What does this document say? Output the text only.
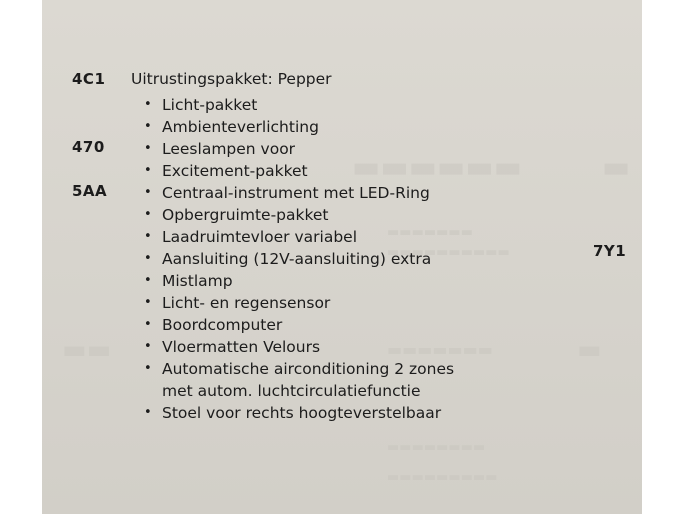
▬▬▬▬▬▬	▬
▬▬	▬
▬▬▬▬▬▬▬
▬▬▬▬▬▬▬▬▬▬
▬▬▬▬▬▬▬
▬▬▬▬▬▬▬▬
▬▬▬▬▬▬▬▬▬
4C1
470
5AA
7Y1
Uitrustingspakket: Pepper
• Licht-pakket
• Ambienteverlichting
• Leeslampen voor
• Excitement-pakket
• Centraal-instrument met LED-Ring
• Opbergruimte-pakket
• Laadruimtevloer variabel
• Aansluiting (12V-aansluiting) extra
• Mistlamp
• Licht- en regensensor
• Boordcomputer
• Vloermatten Velours
• Automatische airconditioning 2 zones
met autom. luchtcirculatiefunctie
• Stoel voor rechts hoogteverstelbaar
